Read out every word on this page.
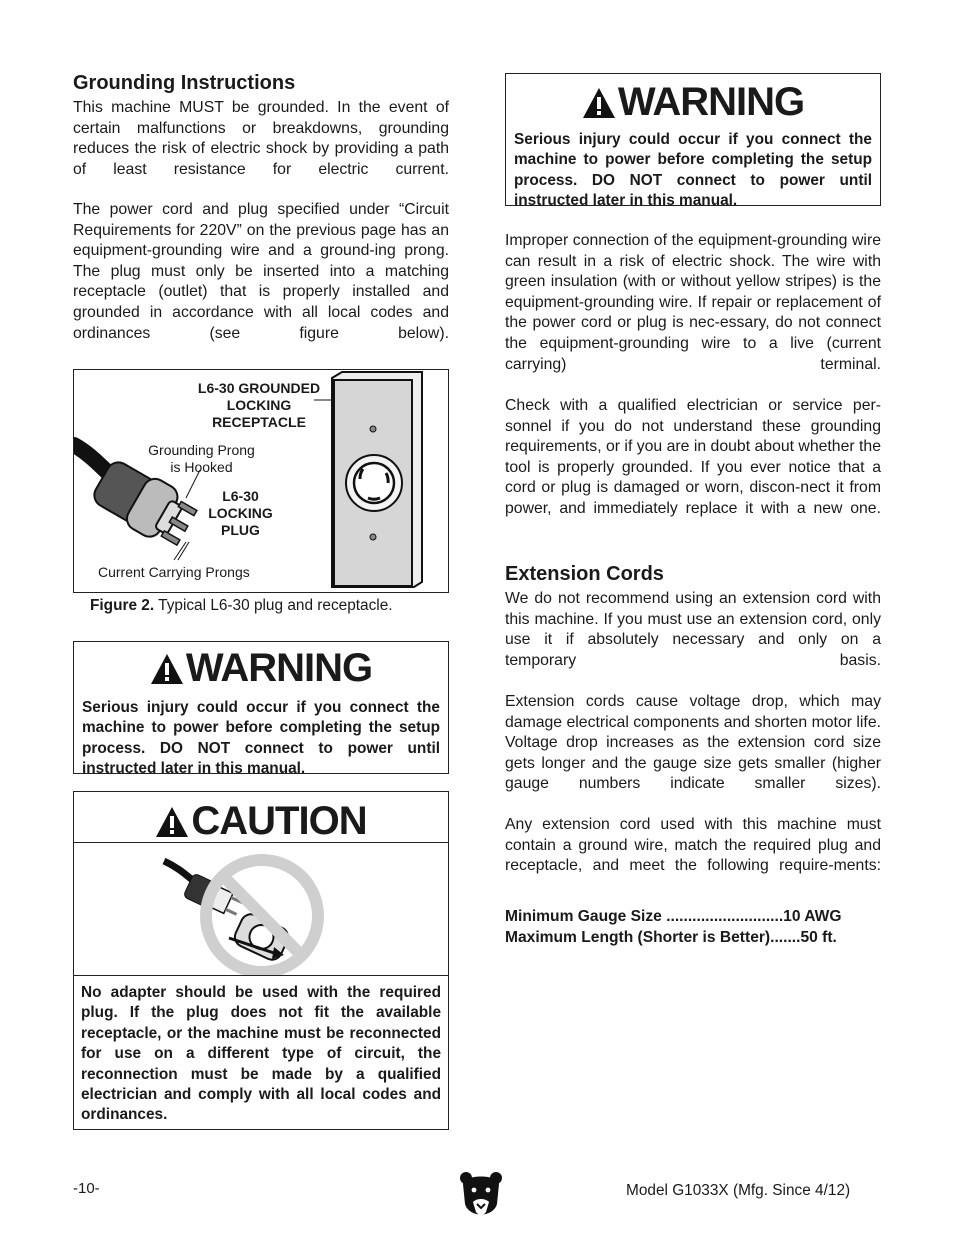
Grounding Instructions

This machine MUST be grounded. In the event of certain malfunctions or breakdowns, grounding reduces the risk of electric shock by providing a path of least resistance for electric current.

The power cord and plug specified under “Circuit Requirements for 220V” on the previous page has an equipment-grounding wire and a ground-ing prong. The plug must only be inserted into a matching receptacle (outlet) that is properly installed and grounded in accordance with all local codes and ordinances (see figure below).

L6-30 GROUNDED
LOCKING
RECEPTACLE
Grounding Prong
is Hooked
L6-30
LOCKING
PLUG
Current Carrying Prongs
Figure 2. Typical L6-30 plug and receptacle.
WARNING
Serious injury could occur if you connect the machine to power before completing the setup process. DO NOT connect to power until instructed later in this manual.
CAUTION
No adapter should be used with the required plug. If the plug does not fit the available receptacle, or the machine must be reconnected for use on a different type of circuit, the reconnection must be made by a qualified electrician and comply with all local codes and ordinances.
WARNING
Serious injury could occur if you connect the machine to power before completing the setup process. DO NOT connect to power until instructed later in this manual.

Improper connection of the equipment-grounding wire can result in a risk of electric shock. The wire with green insulation (with or without yellow stripes) is the equipment-grounding wire. If repair or replacement of the power cord or plug is nec-essary, do not connect the equipment-grounding wire to a live (current carrying) terminal.

Check with a qualified electrician or service per-sonnel if you do not understand these grounding requirements, or if you are in doubt about whether the tool is properly grounded. If you ever notice that a cord or plug is damaged or worn, discon-nect it from power, and immediately replace it with a new one.

Extension Cords

We do not recommend using an extension cord with this machine. If you must use an extension cord, only use it if absolutely necessary and only on a temporary basis.

Extension cords cause voltage drop, which may damage electrical components and shorten motor life. Voltage drop increases as the extension cord size gets longer and the gauge size gets smaller (higher gauge numbers indicate smaller sizes).

Any extension cord used with this machine must contain a ground wire, match the required plug and receptacle, and meet the following require-ments:

Minimum Gauge Size ...........................10 AWG
Maximum Length (Shorter is Better).......50 ft.
-10-	Model G1033X (Mfg. Since 4/12)
